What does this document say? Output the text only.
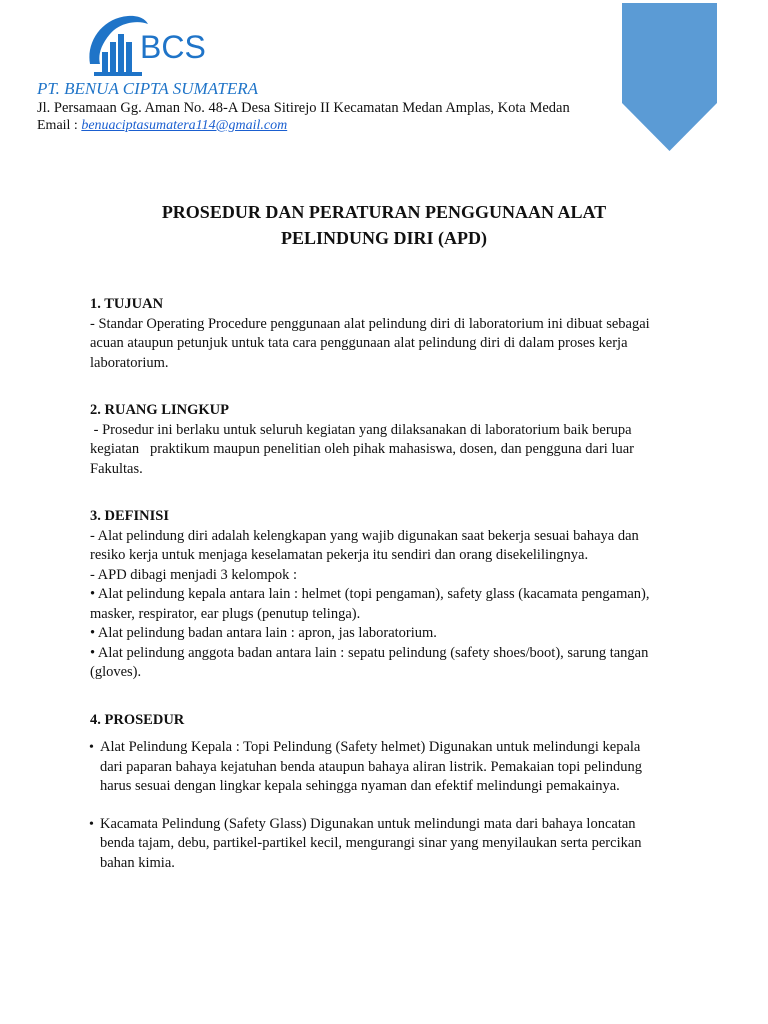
BCS
PT. BENUA CIPTA SUMATERA
Jl. Persamaan Gg. Aman No. 48-A Desa Sitirejo II Kecamatan Medan Amplas, Kota Medan
Email : benuaciptasumatera114@gmail.com
PROSEDUR DAN PERATURAN PENGGUNAAN ALAT
PELINDUNG DIRI (APD)

1. TUJUAN

- Standar Operating Procedure penggunaan alat pelindung diri di laboratorium ini dibuat sebagai

acuan ataupun petunjuk untuk tata cara penggunaan alat pelindung diri di dalam proses kerja

laboratorium.

2. RUANG LINGKUP

- Prosedur ini berlaku untuk seluruh kegiatan yang dilaksanakan di laboratorium baik berupa

kegiatan   praktikum maupun penelitian oleh pihak mahasiswa, dosen, dan pengguna dari luar

Fakultas.

3. DEFINISI

- Alat pelindung diri adalah kelengkapan yang wajib digunakan saat bekerja sesuai bahaya dan

resiko kerja untuk menjaga keselamatan pekerja itu sendiri dan orang disekelilingnya.

- APD dibagi menjadi 3 kelompok :

• Alat pelindung kepala antara lain : helmet (topi pengaman), safety glass (kacamata pengaman),

masker, respirator, ear plugs (penutup telinga).

• Alat pelindung badan antara lain : apron, jas laboratorium.

• Alat pelindung anggota badan antara lain : sepatu pelindung (safety shoes/boot), sarung tangan

(gloves).

4. PROSEDUR

• Alat Pelindung Kepala : Topi Pelindung (Safety helmet) Digunakan untuk melindungi kepala

dari paparan bahaya kejatuhan benda ataupun bahaya aliran listrik. Pemakaian topi pelindung

harus sesuai dengan lingkar kepala sehingga nyaman dan efektif melindungi pemakainya.

• Kacamata Pelindung (Safety Glass) Digunakan untuk melindungi mata dari bahaya loncatan

benda tajam, debu, partikel-partikel kecil, mengurangi sinar yang menyilaukan serta percikan

bahan kimia.
